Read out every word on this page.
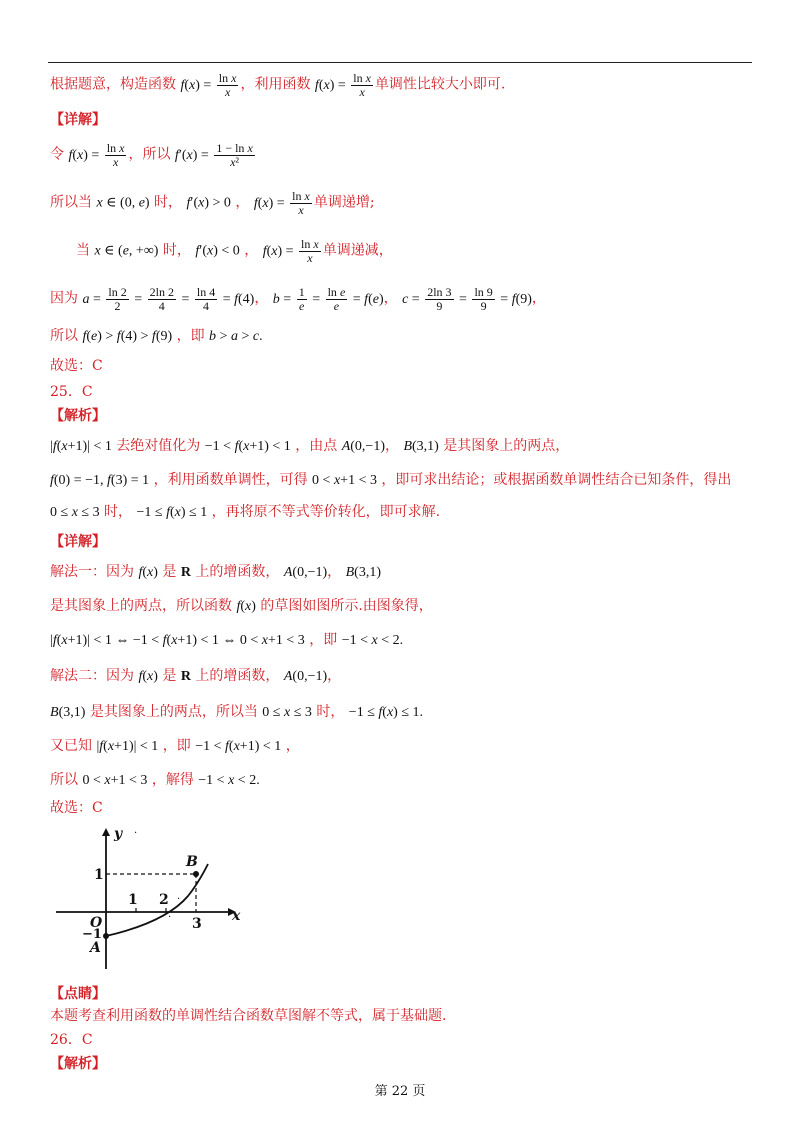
根据题意，构造函数 $f(x) = \frac{\text{ln x}}{x}$ ，利用函数 $f(x) = \frac{\text{ln x}}{x}$ 单调性比较大小即可.
【详解】
令 $f(x) = \frac{\text{ln x}}{x}$ ，所以 $f'(x) = \frac{\text{1 − ln x}}{\text{x²}}$
所以当 x ∈ (0, e) 时， f′(x) > 0 ， $f(x) = \frac{\text{ln x}}{x}$ 单调递增;
当 x ∈ (e, +∞) 时， f′(x) < 0 ， $f(x) = \frac{\text{ln x}}{x}$ 单调递减，
因为 $a = \frac{\ln 2}{2} = \frac{2\ln 2}{4} = \frac{\ln 4}{4} = f(4)$， $b = \frac{1}{e} = \frac{\text{ln e}}{e} = f(e)$， $c = \frac{2\ln 3}{9} = \frac{\ln 9}{9} = f(9)$，
所以 f(e) > f(4) > f(9) ，即 b > a > c.
故选：C
25．C
【解析】
|f(x+1)| < 1 去绝对值化为 −1 < f(x+1) < 1 ，由点 A(0,−1)， B(3,1) 是其图象上的两点，
f(0) = −1, f(3) = 1 ，利用函数单调性，可得 0 < x+1 < 3 ，即可求出结论；或根据函数单调性结合已知条件，得出
0 ≤ x ≤ 3 时， −1 ≤ f(x) ≤ 1 ，再将原不等式等价转化，即可求解.
【详解】
解法一：因为 f(x) 是 R 上的增函数， A(0,−1)， B(3,1)
是其图象上的两点，所以函数 f(x) 的草图如图所示.由图象得，
|f(x+1)| < 1 ⇔ −1 < f(x+1) < 1 ⇔ 0 < x+1 < 3 ，即 −1 < x < 2.
解法二：因为 f(x) 是 R 上的增函数， A(0,−1)，
B(3,1) 是其图象上的两点，所以当 0 ≤ x ≤ 3 时， −1 ≤ f(x) ≤ 1.
又已知 |f(x+1)| < 1 ，即 −1 < f(x+1) < 1 ，
所以 0 < x+1 < 3 ，解得 −1 < x < 2.
故选：C
y ·
x
O
1
−1
1 2 ·
3
·
A
B
【点睛】
本题考查利用函数的单调性结合函数草图解不等式，属于基础题.
26．C
【解析】
第 22 页
